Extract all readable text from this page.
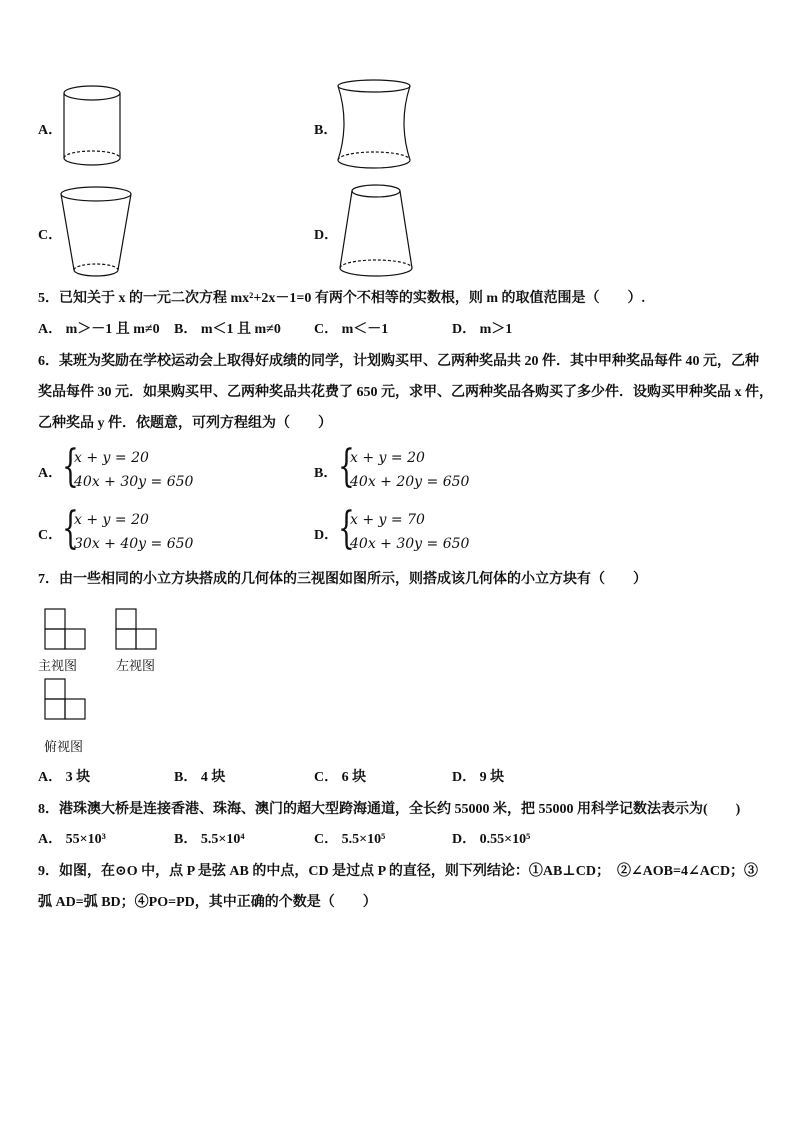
A．	B．
C．	D．
5．已知关于 x 的一元二次方程 mx²+2x－1=0 有两个不相等的实数根，则 m 的取值范围是（　　）.
A． m＞－1 且 m≠0 B． m＜1 且 m≠0 C． m＜－1	D． m＞1
6．某班为奖励在学校运动会上取得好成绩的同学，计划购买甲、乙两种奖品共 20 件．其中甲种奖品每件 40 元，乙种
奖品每件 30 元．如果购买甲、乙两种奖品共花费了 650 元，求甲、乙两种奖品各购买了多少件．设购买甲种奖品 x 件，
乙种奖品 y 件．依题意，可列方程组为（　　）
A． {
x + y = 20
40x + 30y = 650
B． {
x + y = 20
40x + 20y = 650
C． {
x + y = 20
30x + 40y = 650
D． {
x + y = 70
40x + 30y = 650
7．由一些相同的小立方块搭成的几何体的三视图如图所示，则搭成该几何体的小立方块有（　　）
主视图	左视图
俯视图
A． 3 块	B． 4 块	C． 6 块	D． 9 块
8．港珠澳大桥是连接香港、珠海、澳门的超大型跨海通道，全长约 55000 米，把 55000 用科学记数法表示为(　　)
A． 55×10³	B． 5.5×10⁴	C． 5.5×10⁵	D． 0.55×10⁵
9．如图，在⊙O 中，点 P 是弦 AB 的中点，CD 是过点 P 的直径，则下列结论：①AB⊥CD；　②∠AOB=4∠ACD；③
弧 AD=弧 BD；④PO=PD，其中正确的个数是（　　）
